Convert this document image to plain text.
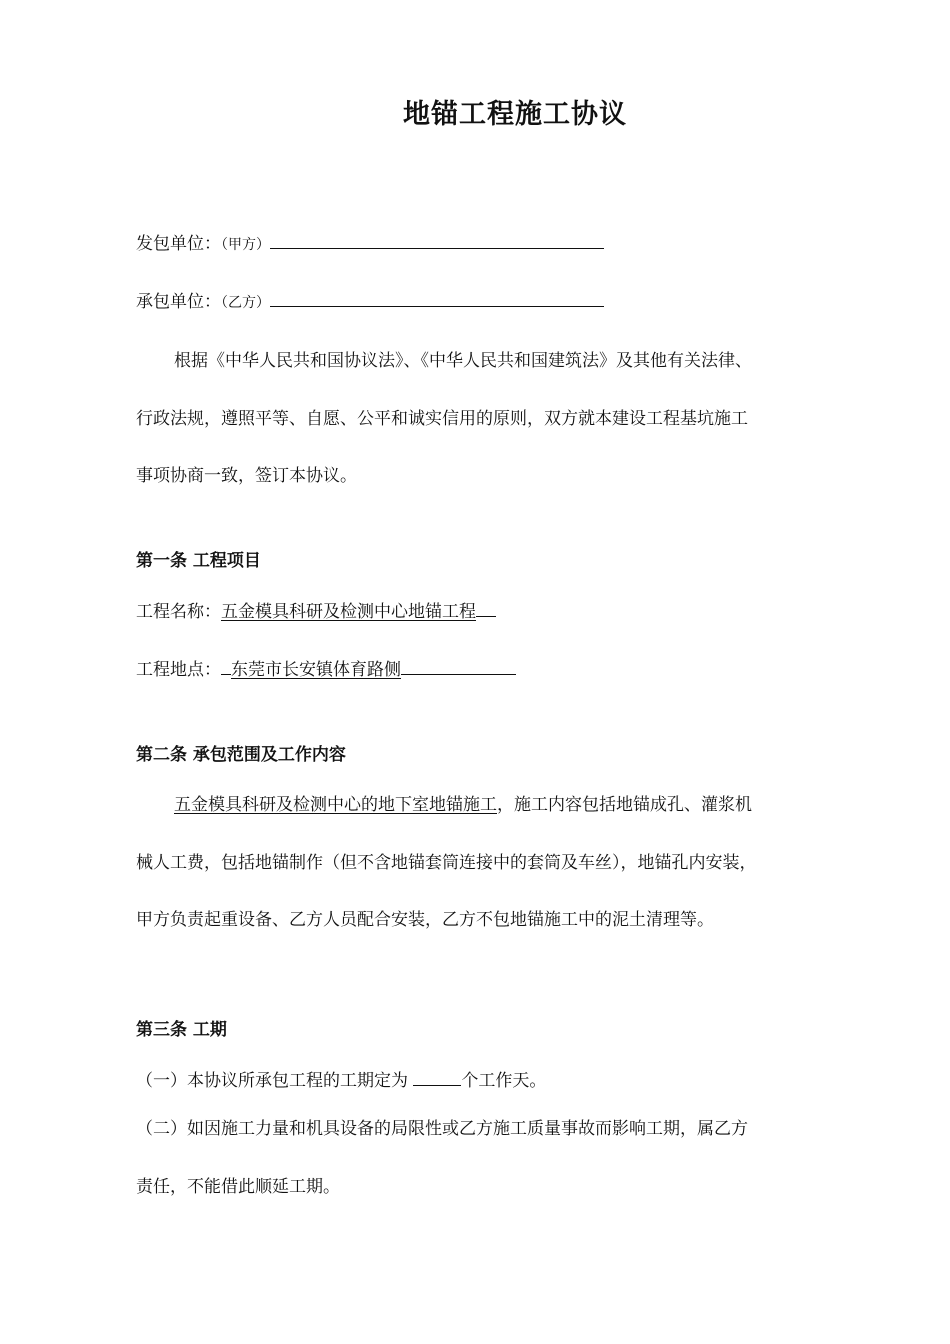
地锚工程施工协议
发包单位：（甲方）
承包单位：（乙方）
根据《中华人民共和国协议法》、《中华人民共和国建筑法》及其他有关法律、
行政法规，遵照平等、自愿、公平和诚实信用的原则，双方就本建设工程基坑施工
事项协商一致，签订本协议。
第一条 工程项目
工程名称：五金模具科研及检测中心地锚工程
工程地点： 东莞市长安镇体育路侧
第二条 承包范围及工作内容
五金模具科研及检测中心的地下室地锚施工，施工内容包括地锚成孔、灌浆机
械人工费，包括地锚制作（但不含地锚套筒连接中的套筒及车丝），地锚孔内安装，
甲方负责起重设备、乙方人员配合安装，乙方不包地锚施工中的泥土清理等。
第三条 工期
（一）本协议所承包工程的工期定为	个工作天。
（二）如因施工力量和机具设备的局限性或乙方施工质量事故而影响工期，属乙方
责任，不能借此顺延工期。
